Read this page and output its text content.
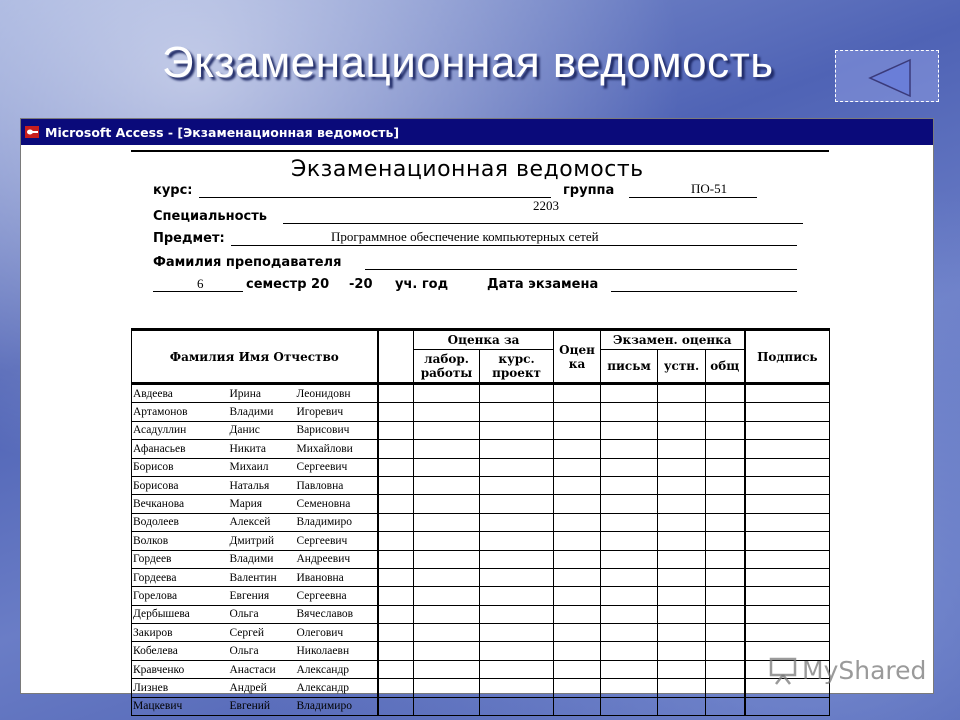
Экзаменационная ведомость
Microsoft Access - [Экзаменационная ведомость]
Экзаменационная ведомость
курс:	группа	ПО-51
2203
Специальность
Предмет:	Программное обеспечение компьютерных сетей
Фамилия преподавателя
6	семестр 20 -20 уч. год	Дата экзамена
Фамилия Имя Отчество				Оценка за		Оцен ка	Экзамен. оценка			Подпись
				лабор. работы	курс. проект		письм	устн.	общ	
Авдеева	Ирина	Леонидовн								
Артамонов	Владими	Игоревич								
Асадуллин	Данис	Варисович								
Афанасьев	Никита	Михайлови								
Борисов	Михаил	Сергеевич								
Борисова	Наталья	Павловна								
Вечканова	Мария	Семеновна								
Водолеев	Алексей	Владимиро								
Волков	Дмитрий	Сергеевич								
Гордеев	Владими	Андреевич								
Гордеева	Валентин	Ивановна								
Горелова	Евгения	Сергеевна								
Дербышева	Ольга	Вячеславов								
Закиров	Сергей	Олегович								
Кобелева	Ольга	Николаевн								
Кравченко	Анастаси	Александр								
Лизнев	Андрей	Александр								
Мацкевич	Евгений	Владимиро								
MyShared
